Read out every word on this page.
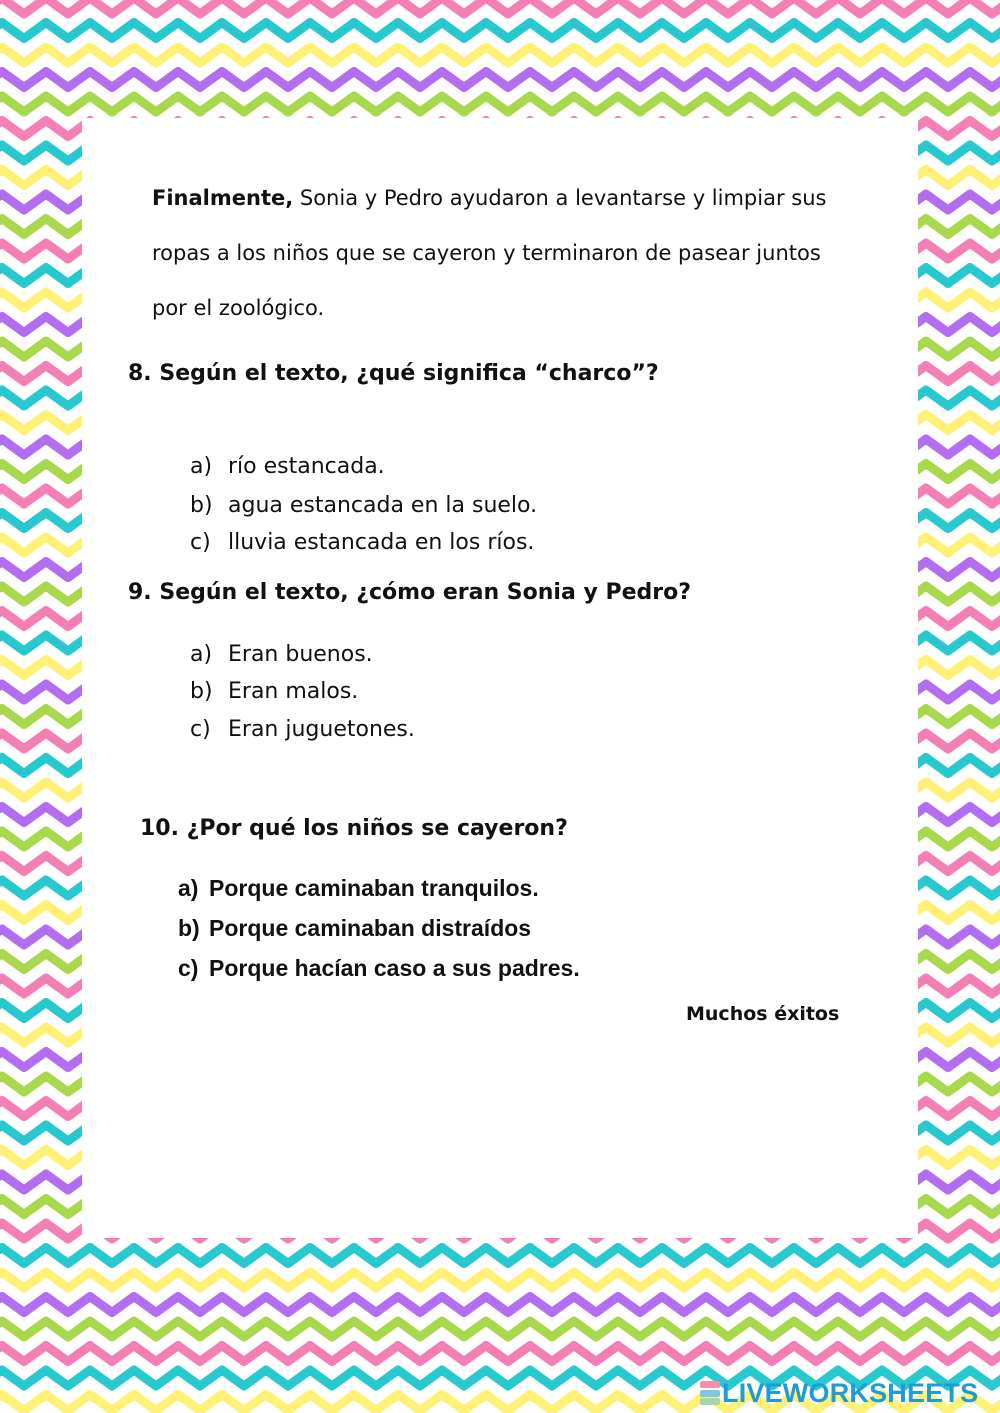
Finalmente, Sonia y Pedro ayudaron a levantarse y limpiar sus
ropas a los niños que se cayeron y terminaron de pasear juntos
por el zoológico.
8. Según el texto, ¿qué significa “charco”?
a) río estancada.
b) agua estancada en la suelo.
c) lluvia estancada en los ríos.
9. Según el texto, ¿cómo eran Sonia y Pedro?
a) Eran buenos.
b) Eran malos.
c) Eran juguetones.
10. ¿Por qué los niños se cayeron?
a) Porque caminaban tranquilos.
b) Porque caminaban distraídos
c) Porque hacían caso a sus padres.
Muchos éxitos
LIVEWORKSHEETS
